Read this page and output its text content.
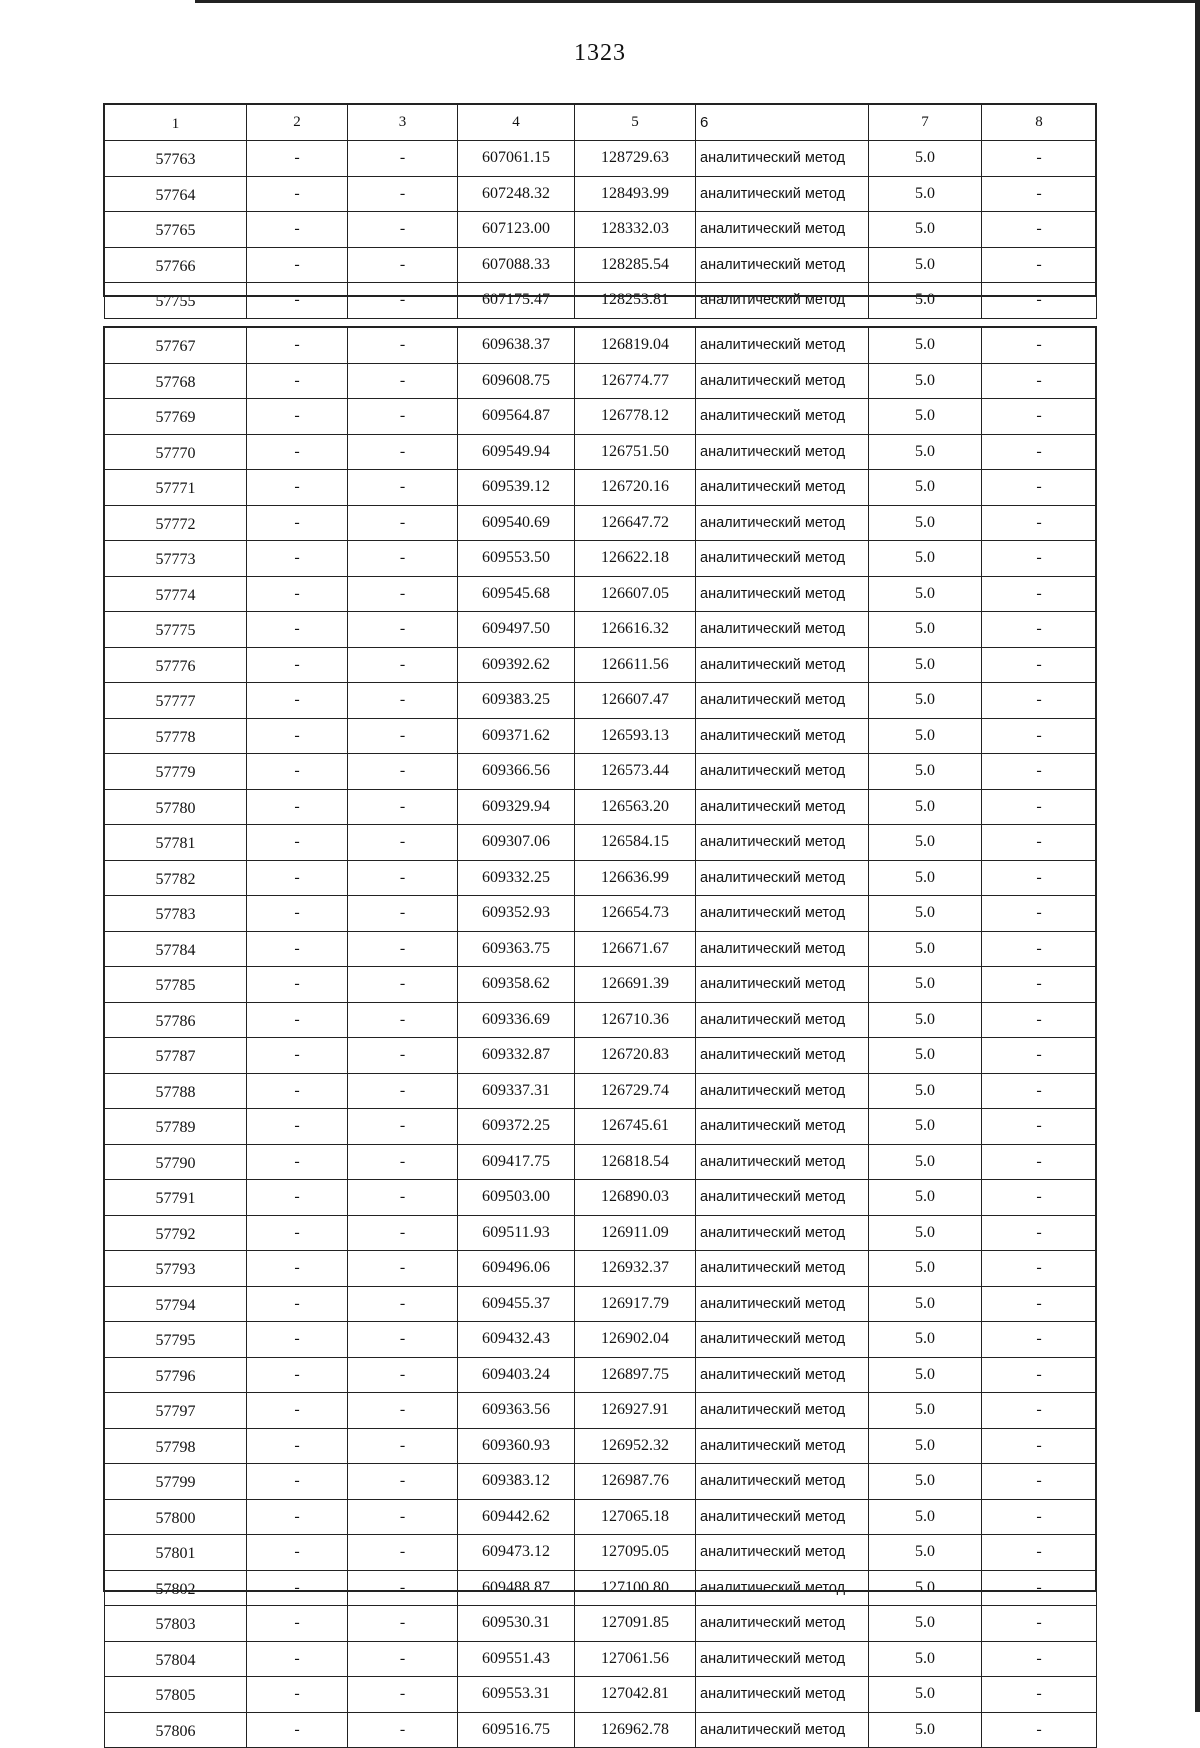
1323
1	2	3	4	5	6	7	8
57763	-	-	607061.15	128729.63	аналитический метод	5.0	-
57764	-	-	607248.32	128493.99	аналитический метод	5.0	-
57765	-	-	607123.00	128332.03	аналитический метод	5.0	-
57766	-	-	607088.33	128285.54	аналитический метод	5.0	-
57755	-	-	607175.47	128253.81	аналитический метод	5.0	-
57767	-	-	609638.37	126819.04	аналитический метод	5.0	-
57768	-	-	609608.75	126774.77	аналитический метод	5.0	-
57769	-	-	609564.87	126778.12	аналитический метод	5.0	-
57770	-	-	609549.94	126751.50	аналитический метод	5.0	-
57771	-	-	609539.12	126720.16	аналитический метод	5.0	-
57772	-	-	609540.69	126647.72	аналитический метод	5.0	-
57773	-	-	609553.50	126622.18	аналитический метод	5.0	-
57774	-	-	609545.68	126607.05	аналитический метод	5.0	-
57775	-	-	609497.50	126616.32	аналитический метод	5.0	-
57776	-	-	609392.62	126611.56	аналитический метод	5.0	-
57777	-	-	609383.25	126607.47	аналитический метод	5.0	-
57778	-	-	609371.62	126593.13	аналитический метод	5.0	-
57779	-	-	609366.56	126573.44	аналитический метод	5.0	-
57780	-	-	609329.94	126563.20	аналитический метод	5.0	-
57781	-	-	609307.06	126584.15	аналитический метод	5.0	-
57782	-	-	609332.25	126636.99	аналитический метод	5.0	-
57783	-	-	609352.93	126654.73	аналитический метод	5.0	-
57784	-	-	609363.75	126671.67	аналитический метод	5.0	-
57785	-	-	609358.62	126691.39	аналитический метод	5.0	-
57786	-	-	609336.69	126710.36	аналитический метод	5.0	-
57787	-	-	609332.87	126720.83	аналитический метод	5.0	-
57788	-	-	609337.31	126729.74	аналитический метод	5.0	-
57789	-	-	609372.25	126745.61	аналитический метод	5.0	-
57790	-	-	609417.75	126818.54	аналитический метод	5.0	-
57791	-	-	609503.00	126890.03	аналитический метод	5.0	-
57792	-	-	609511.93	126911.09	аналитический метод	5.0	-
57793	-	-	609496.06	126932.37	аналитический метод	5.0	-
57794	-	-	609455.37	126917.79	аналитический метод	5.0	-
57795	-	-	609432.43	126902.04	аналитический метод	5.0	-
57796	-	-	609403.24	126897.75	аналитический метод	5.0	-
57797	-	-	609363.56	126927.91	аналитический метод	5.0	-
57798	-	-	609360.93	126952.32	аналитический метод	5.0	-
57799	-	-	609383.12	126987.76	аналитический метод	5.0	-
57800	-	-	609442.62	127065.18	аналитический метод	5.0	-
57801	-	-	609473.12	127095.05	аналитический метод	5.0	-
57802	-	-	609488.87	127100.80	аналитический метод	5.0	-
57803	-	-	609530.31	127091.85	аналитический метод	5.0	-
57804	-	-	609551.43	127061.56	аналитический метод	5.0	-
57805	-	-	609553.31	127042.81	аналитический метод	5.0	-
57806	-	-	609516.75	126962.78	аналитический метод	5.0	-
